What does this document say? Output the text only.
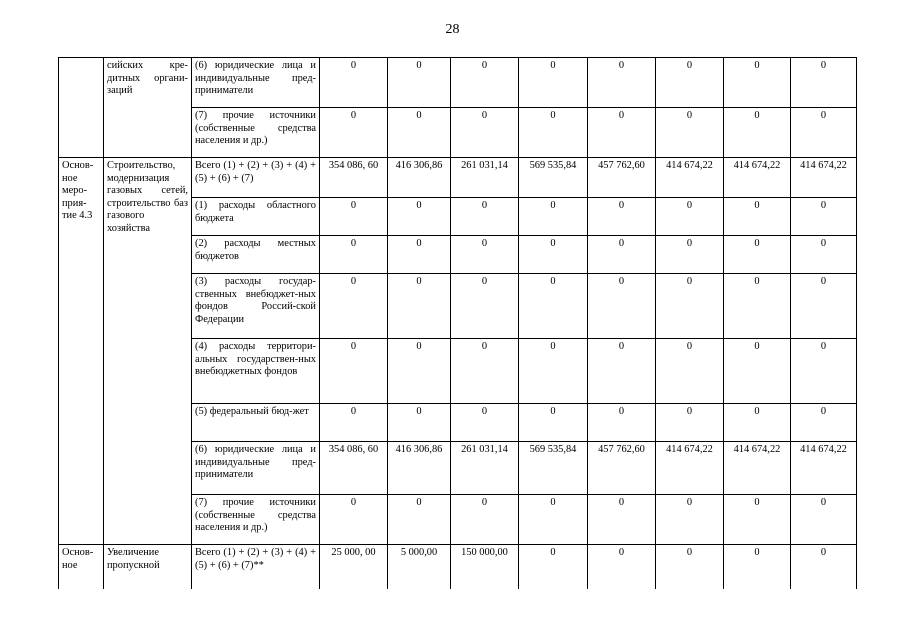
28
	сийских кре-дитных органи-заций	(6) юридические лица и индивидуальные пред-приниматели	0	0	0	0	0	0	0	0
		(7) прочие источники (собственные средства населения и др.)	0	0	0	0	0	0	0	0
Основ-ное меро-прия-тие 4.3	Строительство, модернизация газовых сетей, строительство баз газового хозяйства	Всего (1) + (2) + (3) + (4) + (5) + (6) + (7)	354 086, 60	416 306,86	261 031,14	569 535,84	457 762,60	414 674,22	414 674,22	414 674,22
		(1) расходы областного бюджета	0	0	0	0	0	0	0	0
		(2) расходы местных бюджетов	0	0	0	0	0	0	0	0
		(3) расходы государ-ственных внебюджет-ных фондов Россий-ской Федерации	0	0	0	0	0	0	0	0
		(4) расходы территори-альных государствен-ных внебюджетных фондов	0	0	0	0	0	0	0	0
		(5) федеральный бюд-жет	0	0	0	0	0	0	0	0
		(6) юридические лица и индивидуальные пред-приниматели	354 086, 60	416 306,86	261 031,14	569 535,84	457 762,60	414 674,22	414 674,22	414 674,22
		(7) прочие источники (собственные средства населения и др.)	0	0	0	0	0	0	0	0
Основ-ное	Увеличение пропускной	Всего (1) + (2) + (3) + (4) + (5) + (6) + (7)**	25 000, 00	5 000,00	150 000,00	0	0	0	0	0
